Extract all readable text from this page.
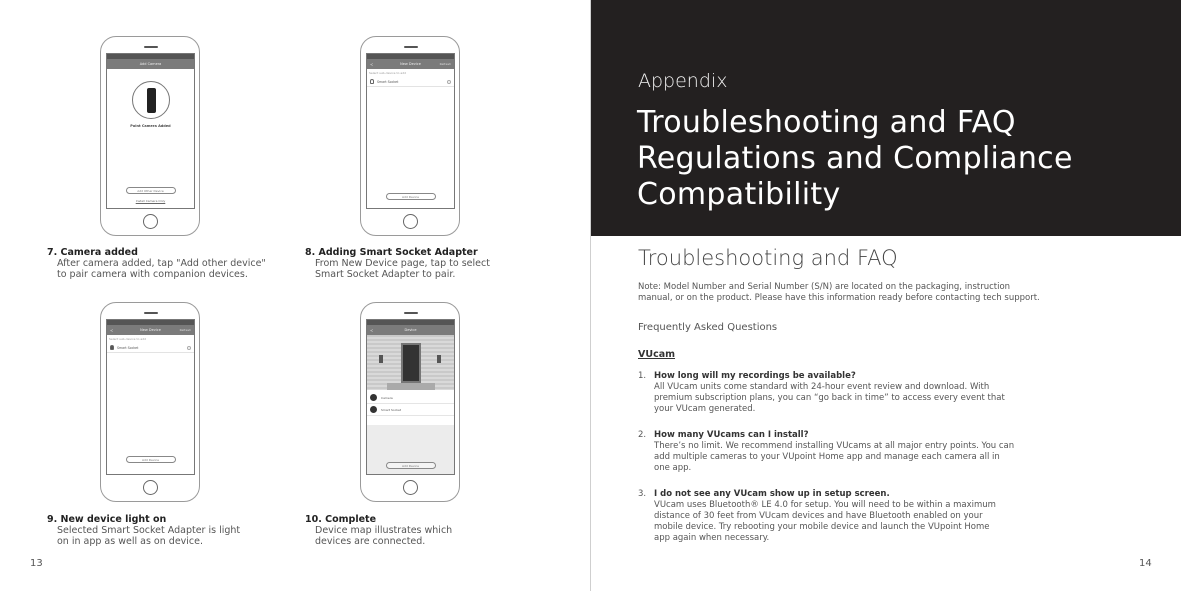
Add Camera
Point Camera Added
Add Other Device
Install Camera Only
<	New Device	Refresh
Select sub-device to add
Smart Socket
Add Device
7. Camera added
After camera added, tap "Add other device"
to pair camera with companion devices.
8. Adding Smart Socket Adapter
From New Device page, tap to select
Smart Socket Adapter to pair.
<	New Device	Refresh
Select sub-device to add
Smart Socket
Add Device
<	Device
Camera
Smart Socket
Add Device
9. New device light on
Selected Smart Socket Adapter is light
on in app as well as on device.
10. Complete
Device map illustrates which
devices are connected.
13
Appendix
Troubleshooting and FAQ
Regulations and Compliance
Compatibility
Troubleshooting and FAQ
Note: Model Number and Serial Number (S/N) are located on the packaging, instruction
manual, or on the product. Please have this information ready before contacting tech support.
Frequently Asked Questions
VUcam
1. How long will my recordings be available?
All VUcam units come standard with 24-hour event review and download. With
premium subscription plans, you can “go back in time” to access every event that
your VUcam generated.
2. How many VUcams can I install?
There’s no limit. We recommend installing VUcams at all major entry points. You can
add multiple cameras to your VUpoint Home app and manage each camera all in
one app.
3. I do not see any VUcam show up in setup screen.
VUcam uses Bluetooth® LE 4.0 for setup. You will need to be within a maximum
distance of 30 feet from VUcam devices and have Bluetooth enabled on your
mobile device. Try rebooting your mobile device and launch the VUpoint Home
app again when necessary.
14
